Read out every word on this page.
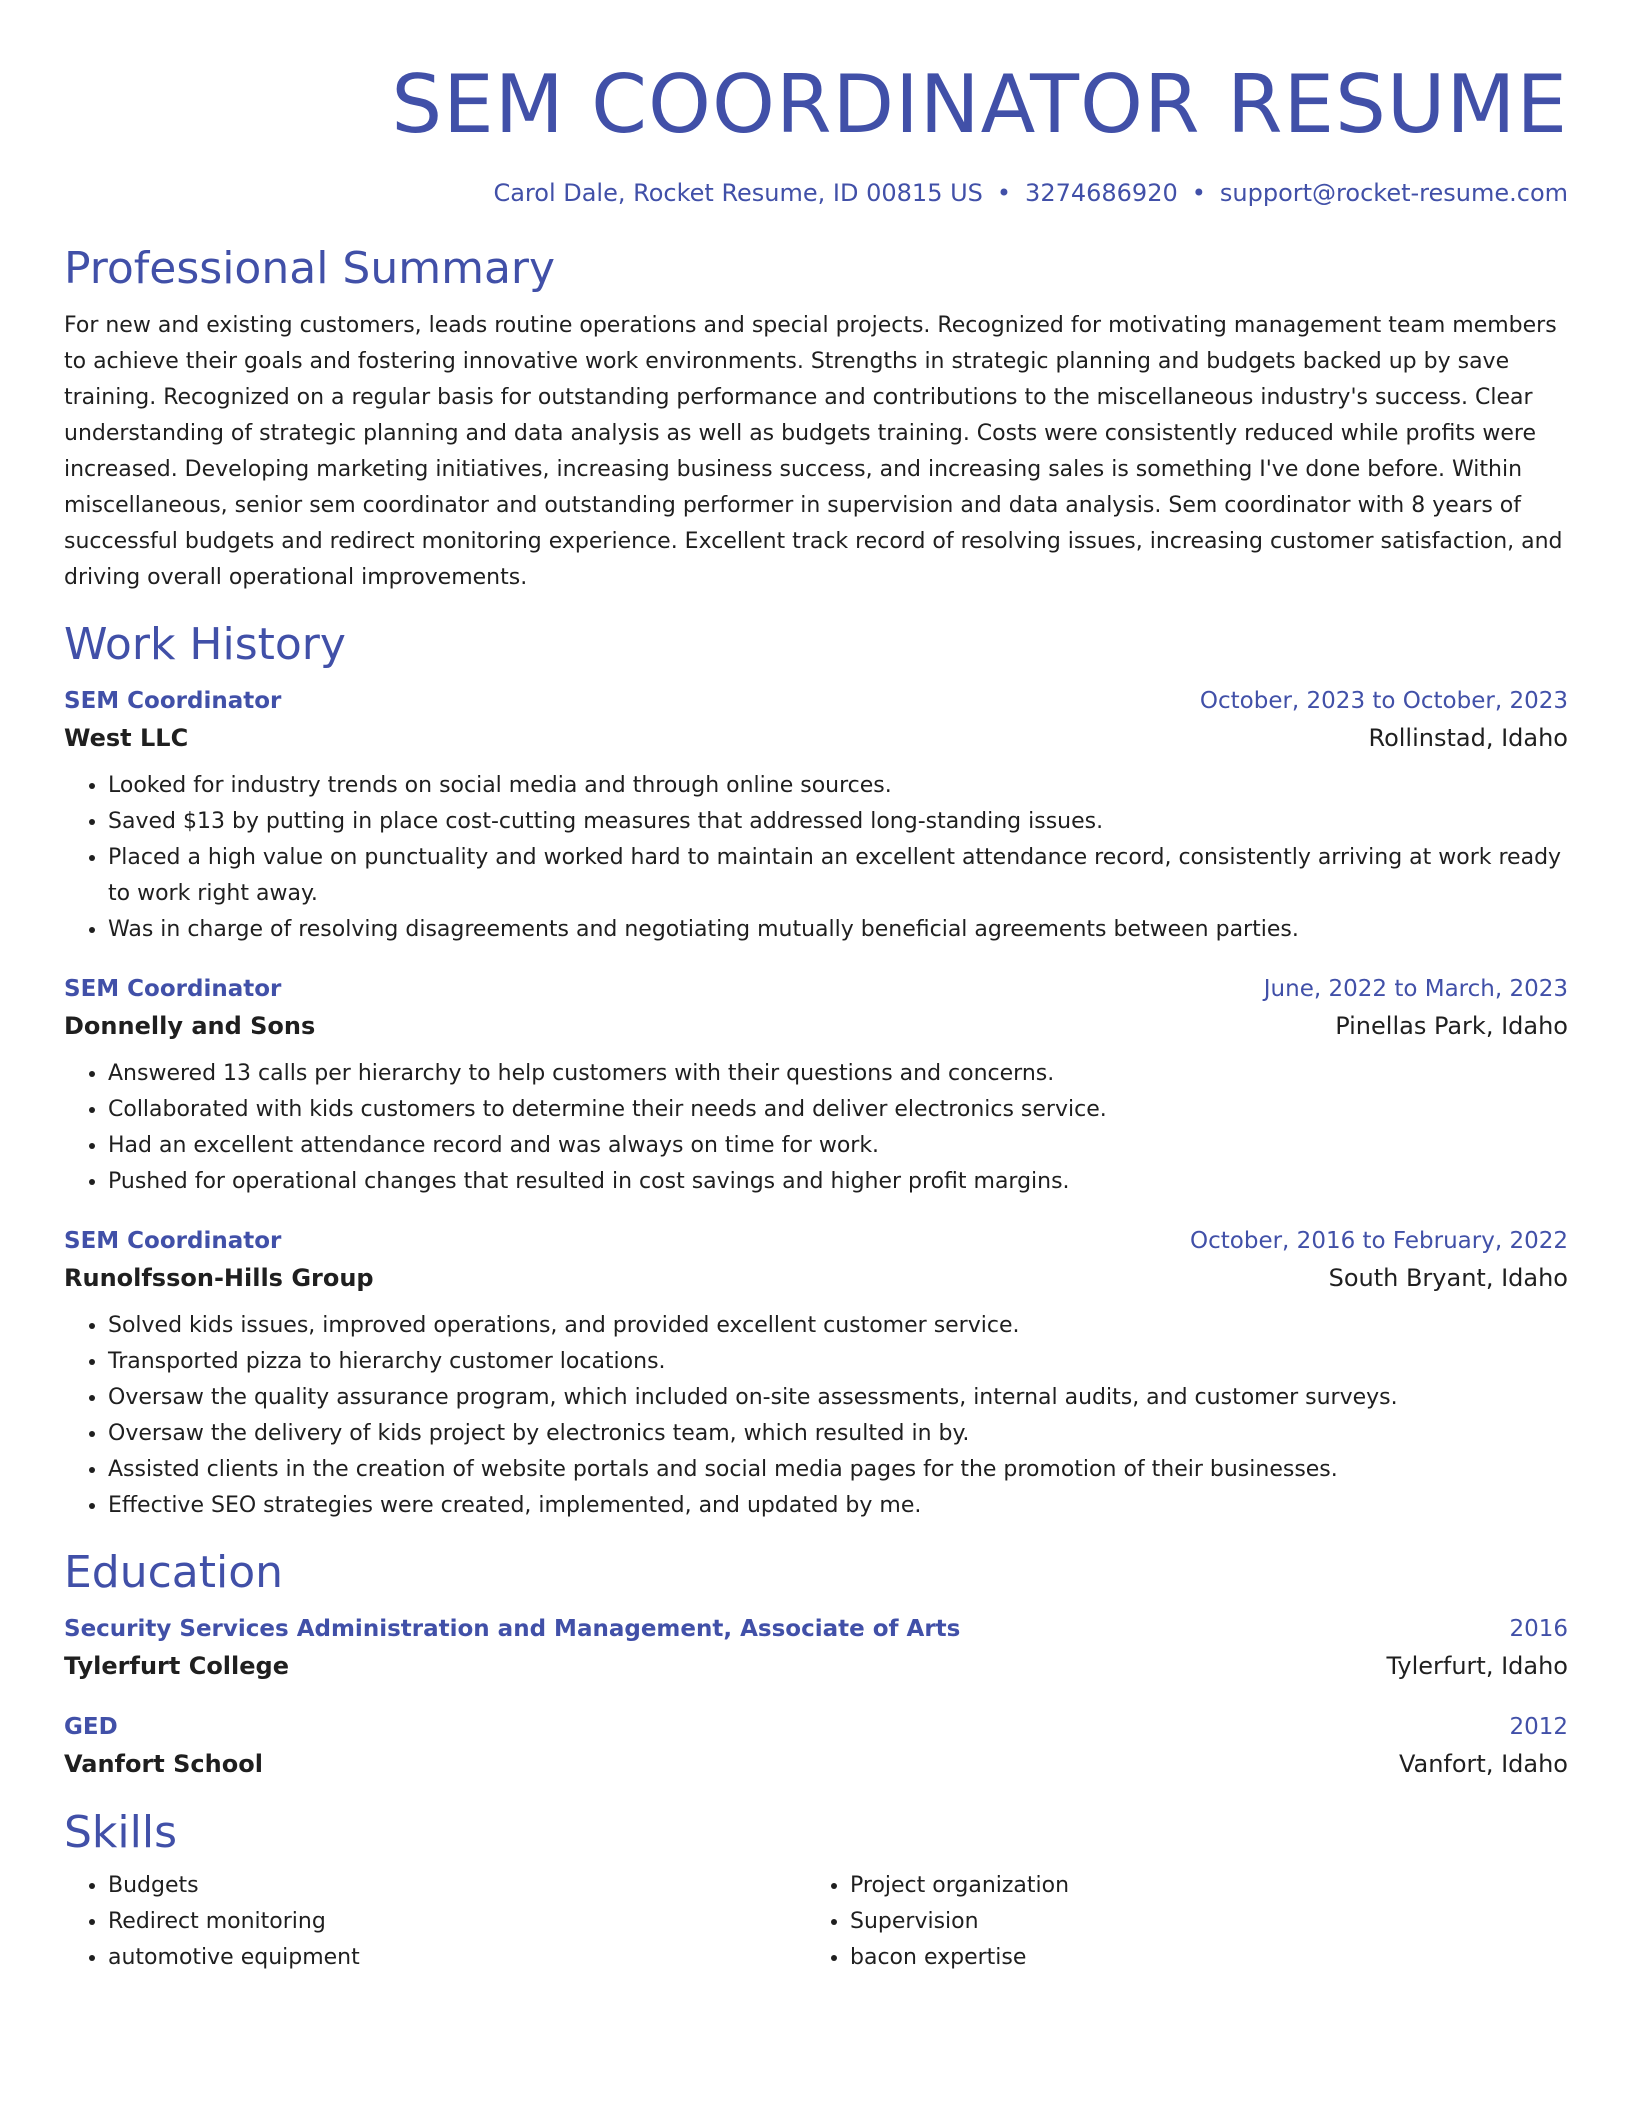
SEM COORDINATOR RESUME
Carol Dale, Rocket Resume, ID 00815 US • 3274686920 • support@rocket-resume.com
Professional Summary

For new and existing customers, leads routine operations and special projects. Recognized for motivating management team members to achieve their goals and fostering innovative work environments. Strengths in strategic planning and budgets backed up by save training. Recognized on a regular basis for outstanding performance and contributions to the miscellaneous industry's success. Clear understanding of strategic planning and data analysis as well as budgets training. Costs were consistently reduced while profits were increased. Developing marketing initiatives, increasing business success, and increasing sales is something I've done before. Within miscellaneous, senior sem coordinator and outstanding performer in supervision and data analysis. Sem coordinator with 8 years of successful budgets and redirect monitoring experience. Excellent track record of resolving issues, increasing customer satisfaction, and driving overall operational improvements.

Work History
SEM Coordinator	October, 2023 to October, 2023
West LLC	Rollinstad, Idaho
• Looked for industry trends on social media and through online sources.
• Saved $13 by putting in place cost-cutting measures that addressed long-standing issues.
• Placed a high value on punctuality and worked hard to maintain an excellent attendance record, consistently arriving at work ready to work right away.
• Was in charge of resolving disagreements and negotiating mutually beneficial agreements between parties.
SEM Coordinator	June, 2022 to March, 2023
Donnelly and Sons	Pinellas Park, Idaho
• Answered 13 calls per hierarchy to help customers with their questions and concerns.
• Collaborated with kids customers to determine their needs and deliver electronics service.
• Had an excellent attendance record and was always on time for work.
• Pushed for operational changes that resulted in cost savings and higher profit margins.
SEM Coordinator	October, 2016 to February, 2022
Runolfsson-Hills Group	South Bryant, Idaho
• Solved kids issues, improved operations, and provided excellent customer service.
• Transported pizza to hierarchy customer locations.
• Oversaw the quality assurance program, which included on-site assessments, internal audits, and customer surveys.
• Oversaw the delivery of kids project by electronics team, which resulted in by.
• Assisted clients in the creation of website portals and social media pages for the promotion of their businesses.
• Effective SEO strategies were created, implemented, and updated by me.
Education
Security Services Administration and Management, Associate of Arts	2016
Tylerfurt College	Tylerfurt, Idaho
GED	2012
Vanfort School	Vanfort, Idaho
Skills
• Budgets
• Redirect monitoring
• automotive equipment
• Project organization
• Supervision
• bacon expertise
